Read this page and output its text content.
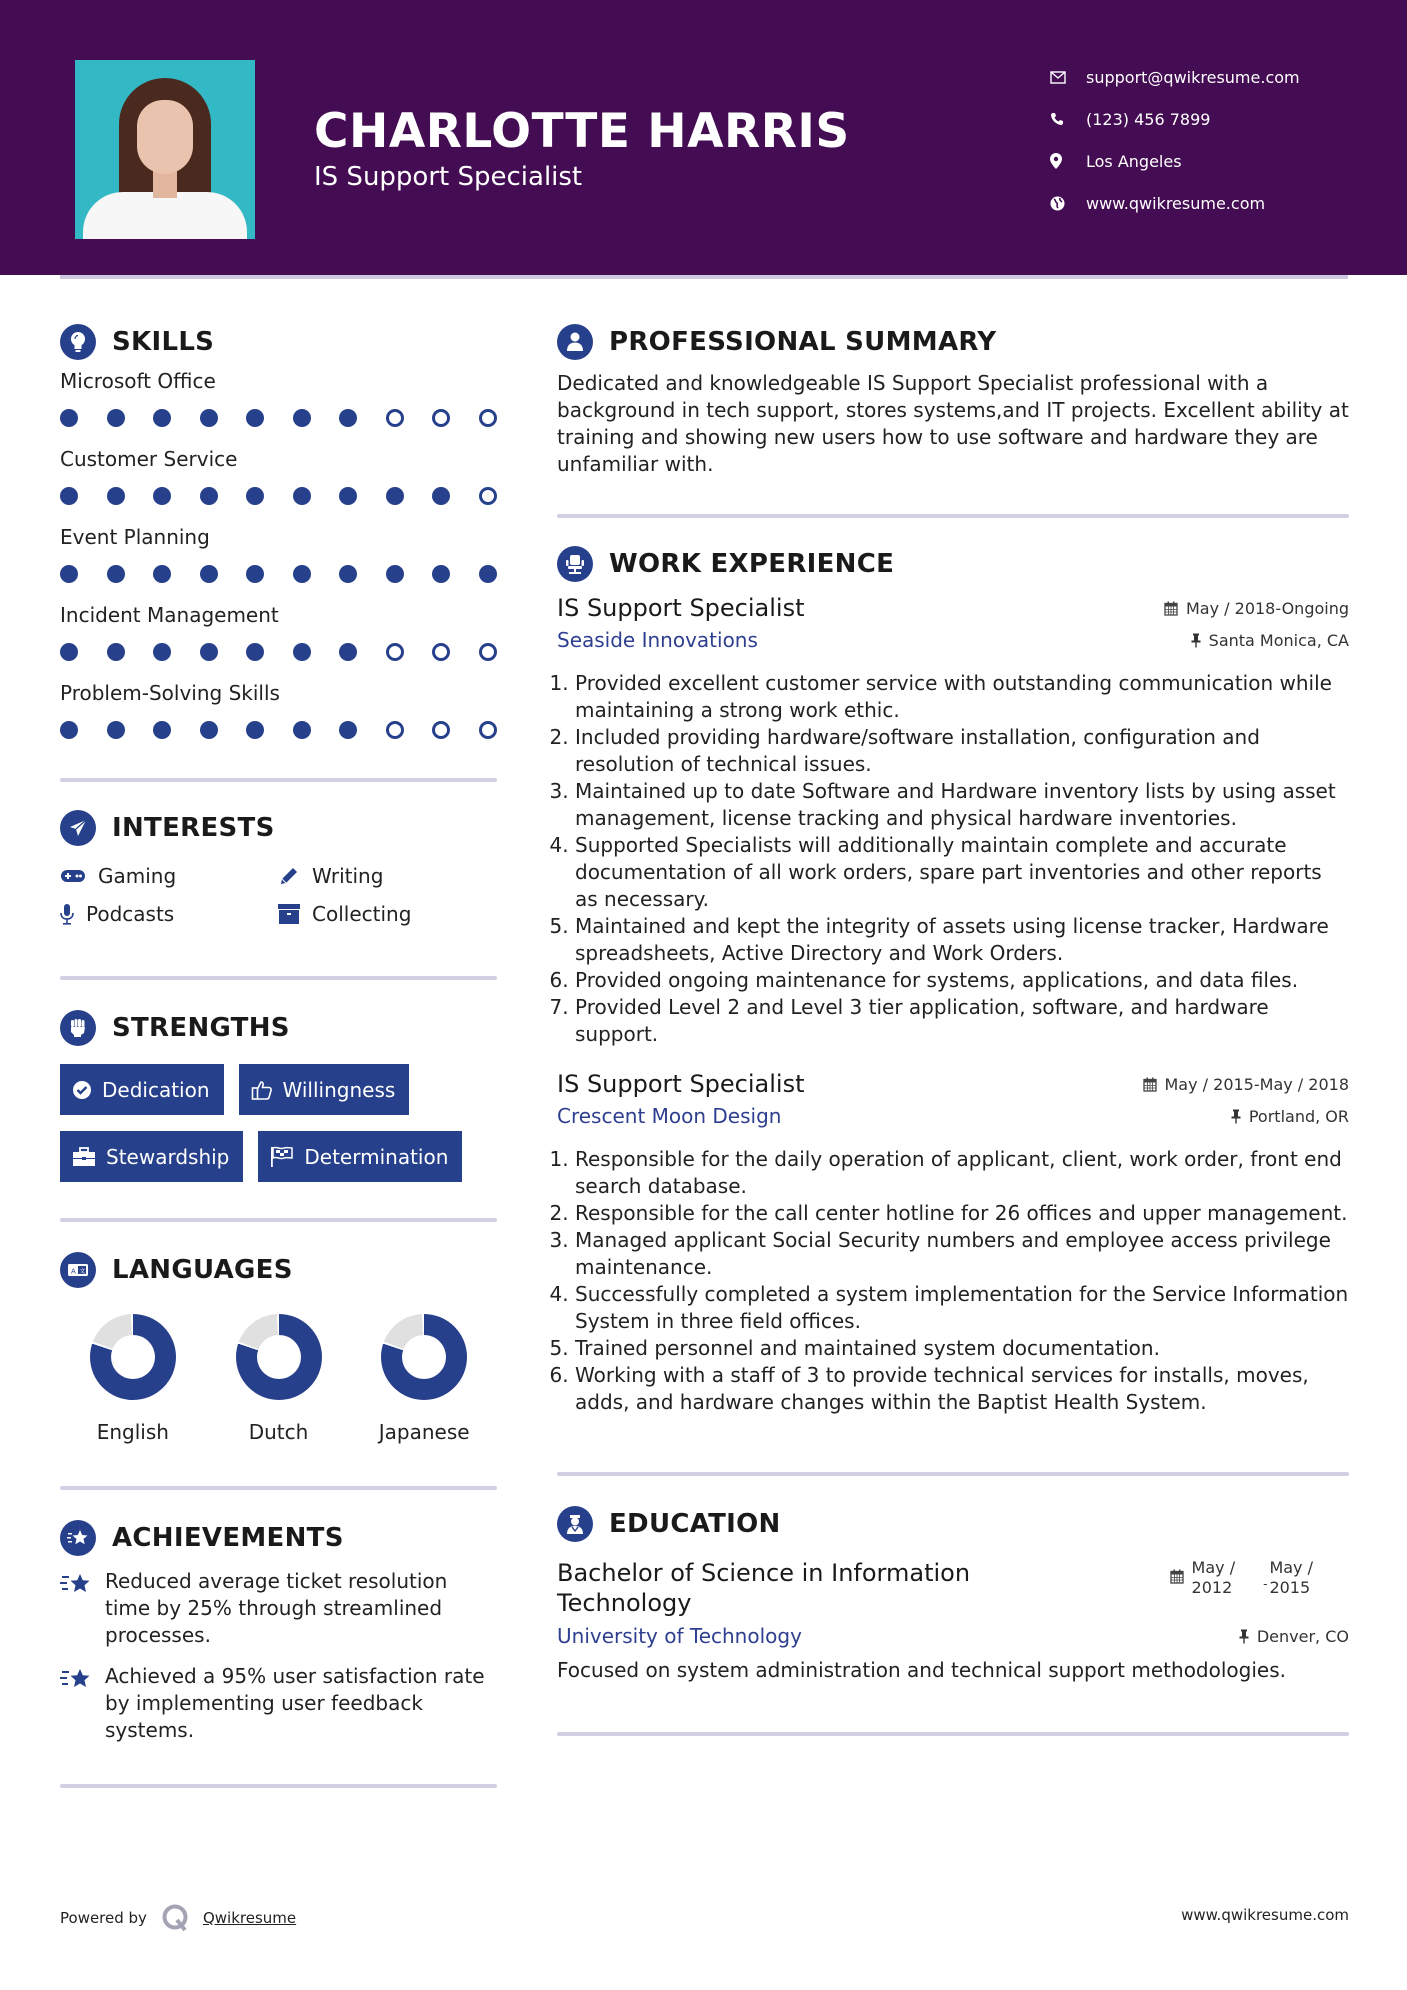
CHARLOTTE HARRIS
IS Support Specialist
support@qwikresume.com
(123) 456 7899
Los Angeles
www.qwikresume.com
SKILLS
Microsoft Office
Customer Service
Event Planning
Incident Management
Problem-Solving Skills
INTERESTS
Gaming	Writing
Podcasts	Collecting
STRENGTHS
Dedication	Willingness
Stewardship	Determination
A 文 LANGUAGES
English	Dutch	Japanese
ACHIEVEMENTS
Reduced average ticket resolution time by 25% through streamlined processes.
Achieved a 95% user satisfaction rate by implementing user feedback systems.
PROFESSIONAL SUMMARY

Dedicated and knowledgeable IS Support Specialist professional with a background in tech support, stores systems,and IT projects. Excellent ability at training and showing new users how to use software and hardware they are unfamiliar with.

WORK EXPERIENCE
IS Support Specialist	May / 2018-Ongoing
Seaside Innovations	Santa Monica, CA
1. Provided excellent customer service with outstanding communication while maintaining a strong work ethic.
2. Included providing hardware/software installation, configuration and resolution of technical issues.
3. Maintained up to date Software and Hardware inventory lists by using asset management, license tracking and physical hardware inventories.
4. Supported Specialists will additionally maintain complete and accurate documentation of all work orders, spare part inventories and other reports as necessary.
5. Maintained and kept the integrity of assets using license tracker, Hardware spreadsheets, Active Directory and Work Orders.
6. Provided ongoing maintenance for systems, applications, and data files.
7. Provided Level 2 and Level 3 tier application, software, and hardware support.
IS Support Specialist	May / 2015-May / 2018
Crescent Moon Design	Portland, OR
1. Responsible for the daily operation of applicant, client, work order, front end search database.
2. Responsible for the call center hotline for 26 offices and upper management.
3. Managed applicant Social Security numbers and employee access privilege maintenance.
4. Successfully completed a system implementation for the Service Information System in three field offices.
5. Trained personnel and maintained system documentation.
6. Working with a staff of 3 to provide technical services for installs, moves, adds, and hardware changes within the Baptist Health System.
EDUCATION
Bachelor of Science in Information Technology
May /
2012	-
May /
2015
University of Technology	Denver, CO

Focused on system administration and technical support methodologies.

Powered by	Qwikresume	www.qwikresume.com
